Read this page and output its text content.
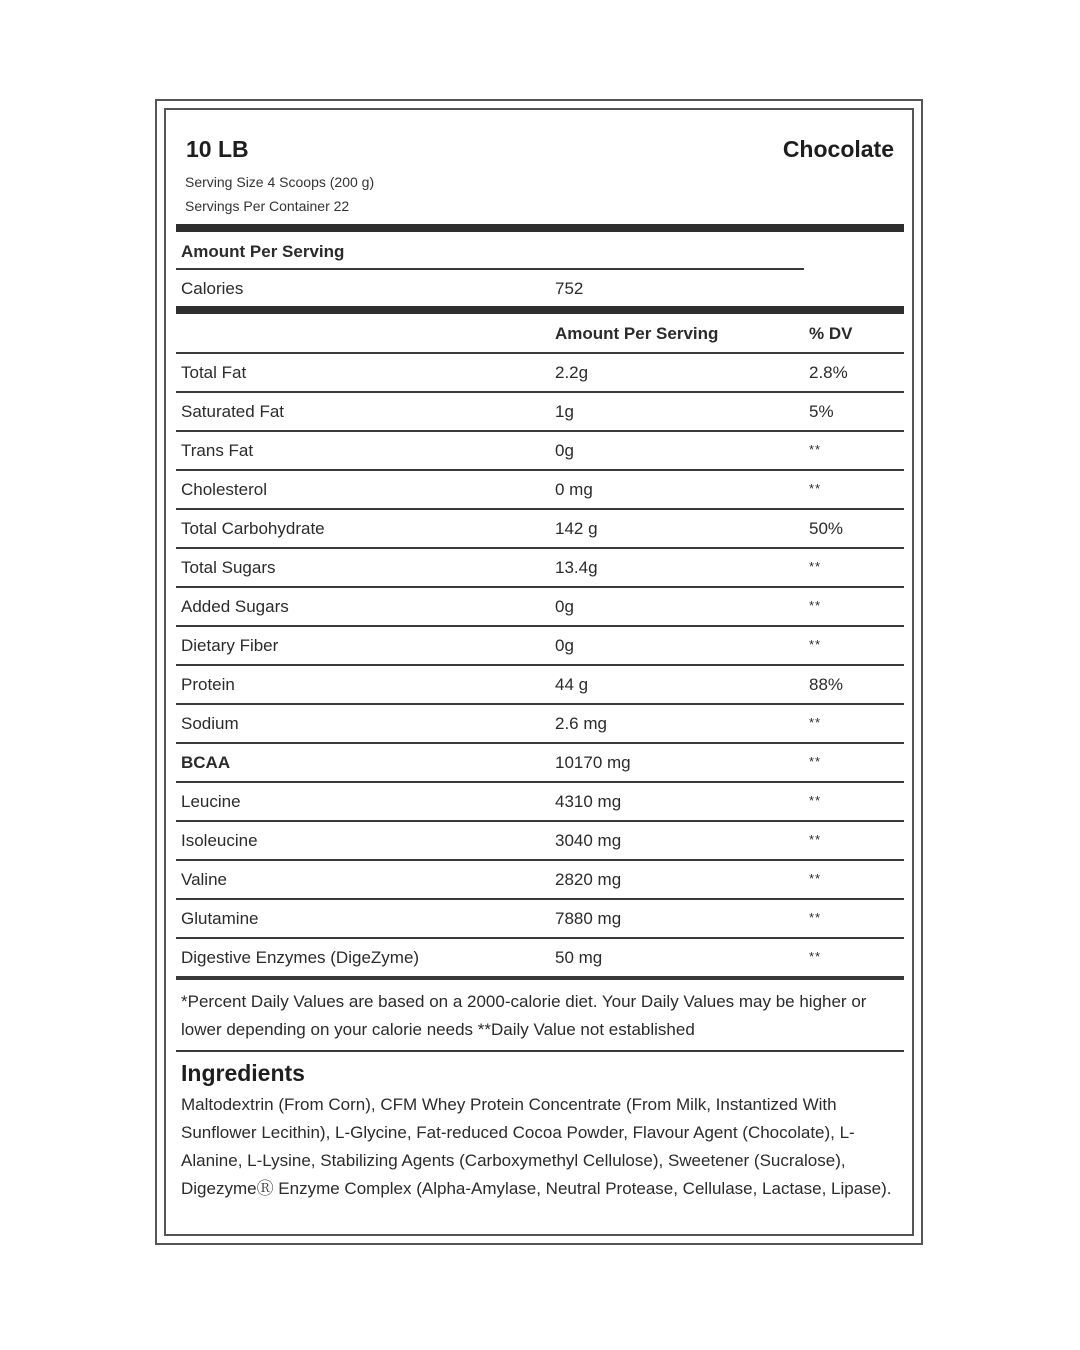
10 LB	Chocolate
Serving Size 4 Scoops (200 g)
Servings Per Container 22
Amount Per Serving
Calories	752
Amount Per Serving	% DV
Total Fat	2.2g	2.8%
Saturated Fat	1g	5%
Trans Fat	0g	**
Cholesterol	0 mg	**
Total Carbohydrate	142 g	50%
Total Sugars	13.4g	**
Added Sugars	0g	**
Dietary Fiber	0g	**
Protein	44 g	88%
Sodium	2.6 mg	**
BCAA	10170 mg	**
Leucine	4310 mg	**
Isoleucine	3040 mg	**
Valine	2820 mg	**
Glutamine	7880 mg	**
Digestive Enzymes (DigeZyme)	50 mg	**
*Percent Daily Values are based on a 2000-calorie diet. Your Daily Values may be higher or lower depending on your calorie needs **Daily Value not established
Ingredients
Maltodextrin (From Corn), CFM Whey Protein Concentrate (From Milk, Instantized With Sunflower Lecithin), L-Glycine, Fat-reduced Cocoa Powder, Flavour Agent (Chocolate), L-Alanine, L-Lysine, Stabilizing Agents (Carboxymethyl Cellulose), Sweetener (Sucralose), DigezymeⓇ Enzyme Complex (Alpha-Amylase, Neutral Protease, Cellulase, Lactase, Lipase).
